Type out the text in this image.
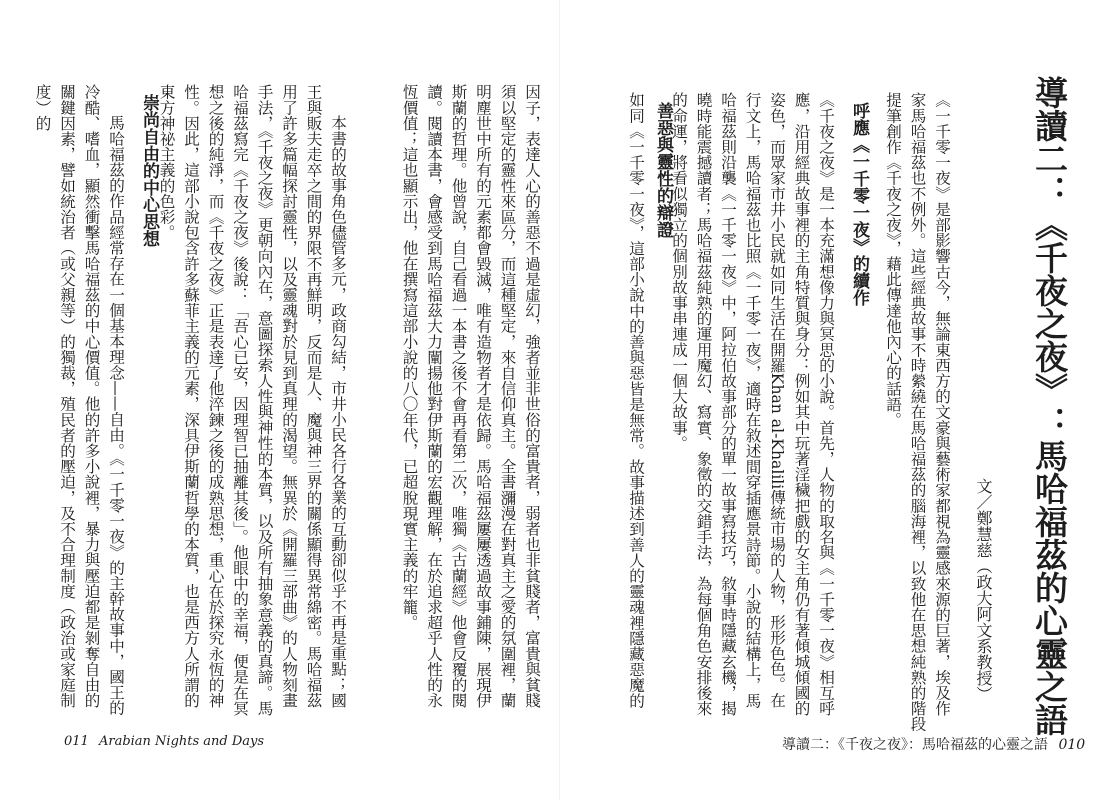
導讀二：《千夜之夜》：馬哈福茲的心靈之語
文／鄭慧慈（政大阿文系教授）
《一千零一夜》是部影響古今，無論東西方的文豪與藝術家都視為靈感來源的巨著，埃及作
家馬哈福茲也不例外。這些經典故事不時縈繞在馬哈福茲的腦海裡，以致他在思想純熟的階段
提筆創作《千夜之夜》，藉此傳達他內心的話語。
呼應《一千零一夜》的續作
《千夜之夜》是一本充滿想像力與冥思的小說。首先，人物的取名與《一千零一夜》相互呼應，沿用經典故事裡的主角特質與身分：例如其中玩著淫穢把戲的女主角仍有著傾城傾國的姿色，而眾家市井小民就如同生活在開羅Khan al-Khalili傳統市場的人物，形形色色。在行文上，馬哈福茲也比照《一千零一夜》，適時在敘述間穿插應景詩節。小說的結構上，馬哈福茲則沿襲《一千零一夜》中，阿拉伯故事部分的單一故事寫技巧，敘事時隱藏玄機，揭曉時能震撼讀者；馬哈福茲純熟的運用魔幻、寫實、象徵的交錯手法，為每個角色安排後來的命運，將看似獨立的個別故事串連成一個大故事。
善惡與靈性的辯證
如同《一千零一夜》，這部小說中的善與惡皆是無常。故事描述到善人的靈魂裡隱藏惡魔的
因子，表達人心的善惡不過是虛幻，強者並非世俗的富貴者，弱者也非貧賤者，富貴與貧賤須以堅定的靈性來區分，而這種堅定，來自信仰真主。全書瀰漫在對真主之愛的氛圍裡，蘭明塵世中所有的元素都會毀滅，唯有造物者才是依歸。馬哈福茲屢屢透過故事鋪陳，展現伊斯蘭的哲理。他曾說，自己看過一本書之後不會再看第二次，唯獨《古蘭經》他會反覆的閱讀。閱讀本書，會感受到馬哈福茲大力闡揚他對伊斯蘭的宏觀理解，在於追求超乎人性的永恆價值；這也顯示出，他在撰寫這部小說的八〇年代，已超脫現實主義的牢籠。
本書的故事角色儘管多元，政商勾結，市井小民各行各業的互動卻似乎不再是重點；國王與販夫走卒之間的界限不再鮮明，反而是人、魔與神三界的關係顯得異常綿密。馬哈福茲用了許多篇幅探討靈性，以及靈魂對於見到真理的渴望。無異於《開羅三部曲》的人物刻畫手法，《千夜之夜》更朝向內在，意圖探索人性與神性的本質，以及所有抽象意義的真諦。馬哈福茲寫完《千夜之夜》後說：「吾心已安，因理智已抽離其後」。他眼中的幸福，便是在冥想之後的純淨，而《千夜之夜》正是表達了他淬鍊之後的成熟思想，重心在於探究永恆的神性。因此，這部小說包含許多蘇菲主義的元素，深具伊斯蘭哲學的本質，也是西方人所謂的東方神祕主義的色彩。
崇尚自由的中心思想
馬哈福茲的作品經常存在一個基本理念——自由。《一千零一夜》的主幹故事中，國王的冷酷、嗜血，顯然衝擊馬哈福茲的中心價值。他的許多小說裡，暴力與壓迫都是剝奪自由的關鍵因素，譬如統治者（或父親等）的獨裁，殖民者的壓迫，及不合理制度（政治或家庭制度）的
011 Arabian Nights and Days	導讀二：《千夜之夜》：馬哈福茲的心靈之語 010
